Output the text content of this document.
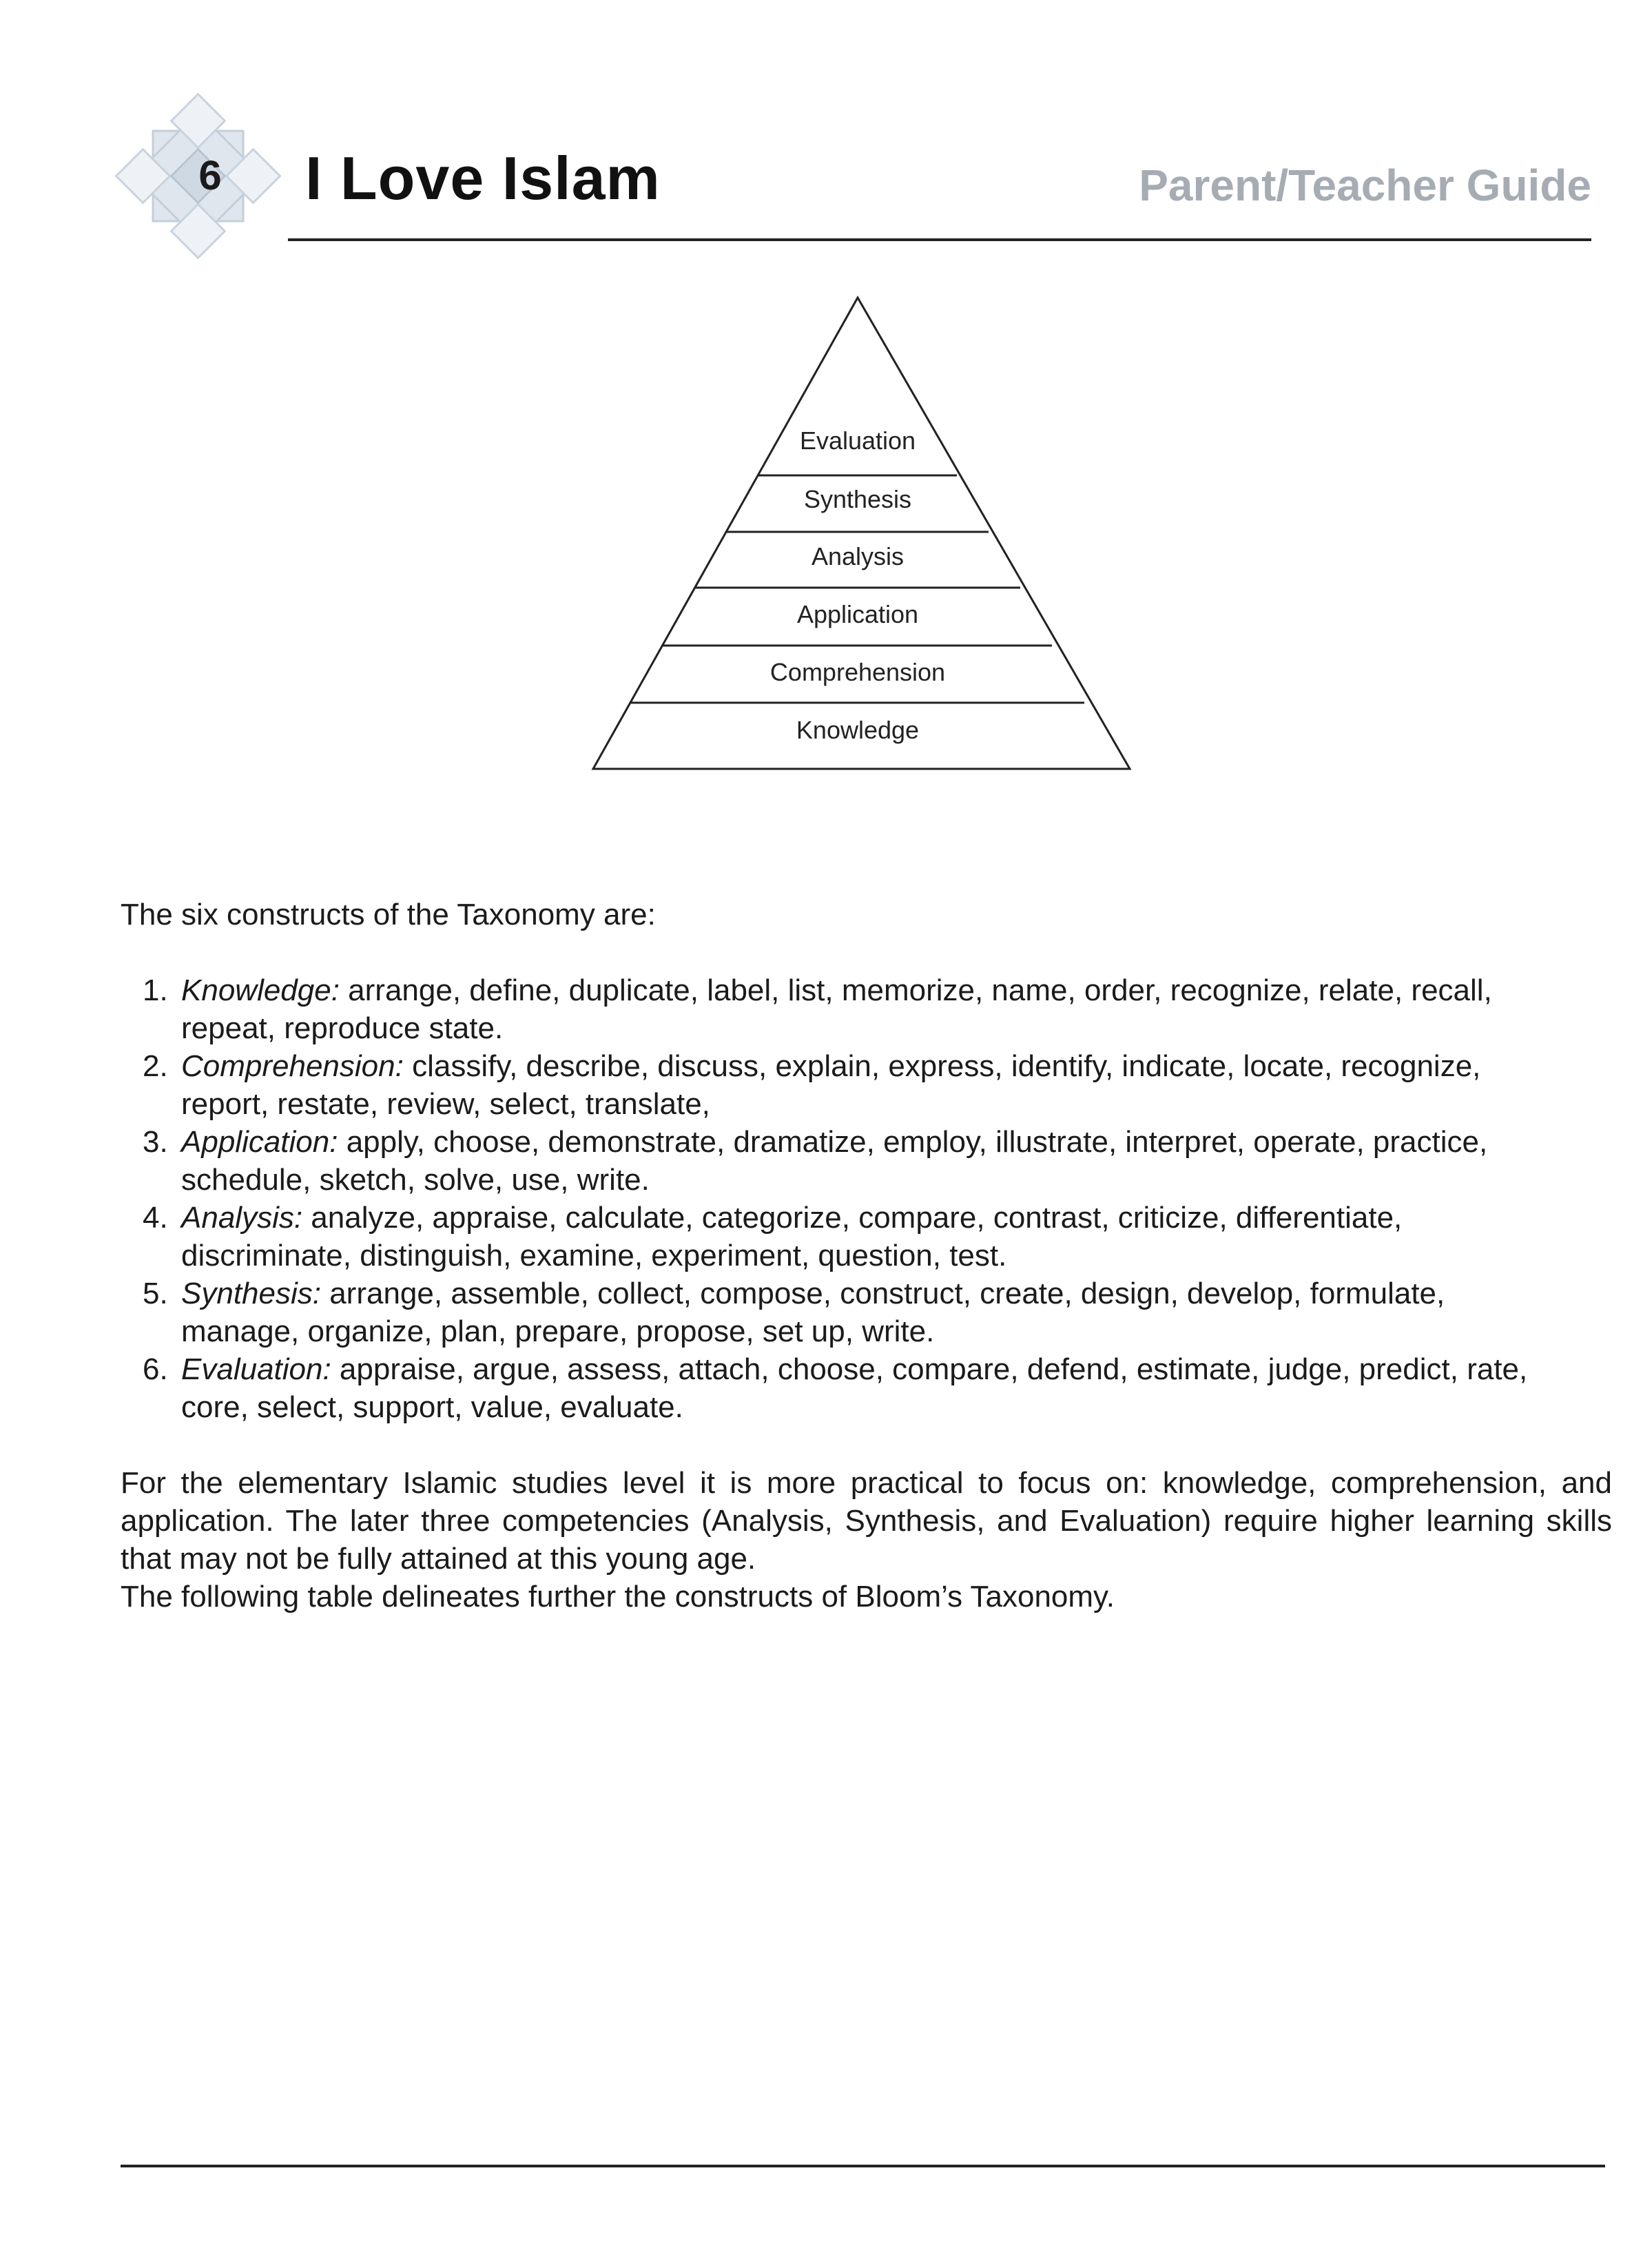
6 I Love Islam	Parent/Teacher Guide
Evaluation
Synthesis
Analysis
Application
Comprehension
Knowledge

The six constructs of the Taxonomy are:

1. Knowledge: arrange, define, duplicate, label, list, memorize, name, order, recognize, relate, recall, repeat, reproduce state.
2. Comprehension: classify, describe, discuss, explain, express, identify, indicate, locate, recognize, report, restate, review, select, translate,
3. Application: apply, choose, demonstrate, dramatize, employ, illustrate, interpret, operate, practice, schedule, sketch, solve, use, write.
4. Analysis: analyze, appraise, calculate, categorize, compare, contrast, criticize, differentiate, discriminate, distinguish, examine, experiment, question, test.
5. Synthesis: arrange, assemble, collect, compose, construct, create, design, develop, formulate, manage, organize, plan, prepare, propose, set up, write.
6. Evaluation: appraise, argue, assess, attach, choose, compare, defend, estimate, judge, predict, rate, core, select, support, value, evaluate.

For the elementary Islamic studies level it is more practical to focus on: knowledge, comprehension, and application. The later three competencies (Analysis, Synthesis, and Evaluation) require higher learning skills that may not be fully attained at this young age.

The following table delineates further the constructs of Bloom’s Taxonomy.
